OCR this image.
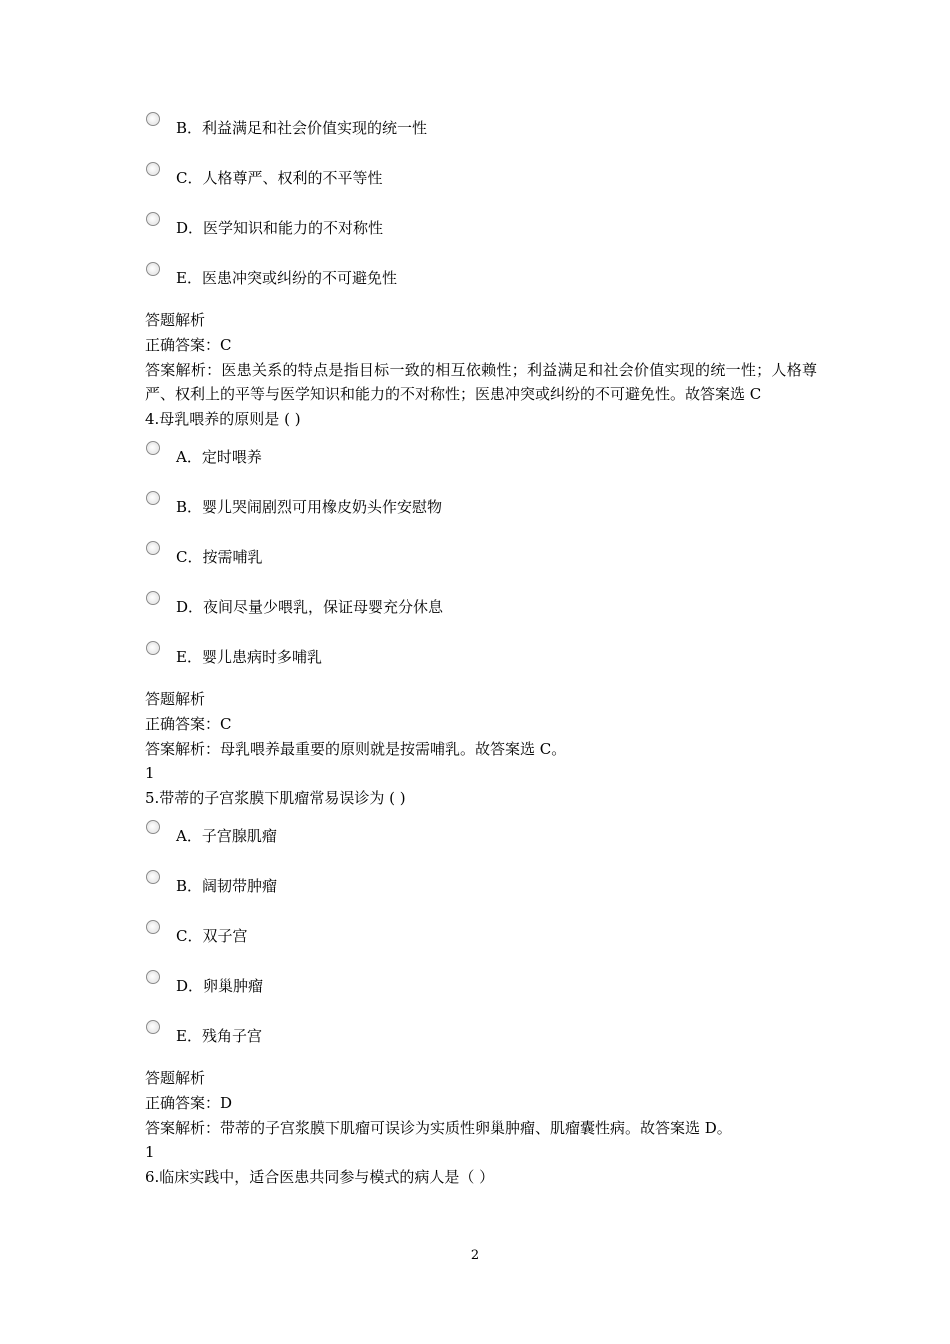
B．利益满足和社会价值实现的统一性
C．人格尊严、权利的不平等性
D．医学知识和能力的不对称性
E．医患冲突或纠纷的不可避免性
答题解析
正确答案：C
答案解析：医患关系的特点是指目标一致的相互依赖性；利益满足和社会价值实现的统一性；人格尊严、权利上的平等与医学知识和能力的不对称性；医患冲突或纠纷的不可避免性。故答案选 C
4.母乳喂养的原则是 ( )
A．定时喂养
B．婴儿哭闹剧烈可用橡皮奶头作安慰物
C．按需哺乳
D．夜间尽量少喂乳，保证母婴充分休息
E．婴儿患病时多哺乳
答题解析
正确答案：C
答案解析：母乳喂养最重要的原则就是按需哺乳。故答案选 C。
1
5.带蒂的子宫浆膜下肌瘤常易误诊为 ( )
A．子宫腺肌瘤
B．阔韧带肿瘤
C．双子宫
D．卵巢肿瘤
E．残角子宫
答题解析
正确答案：D
答案解析：带蒂的子宫浆膜下肌瘤可误诊为实质性卵巢肿瘤、肌瘤囊性病。故答案选 D。
1
6.临床实践中，适合医患共同参与模式的病人是（ ）
2
